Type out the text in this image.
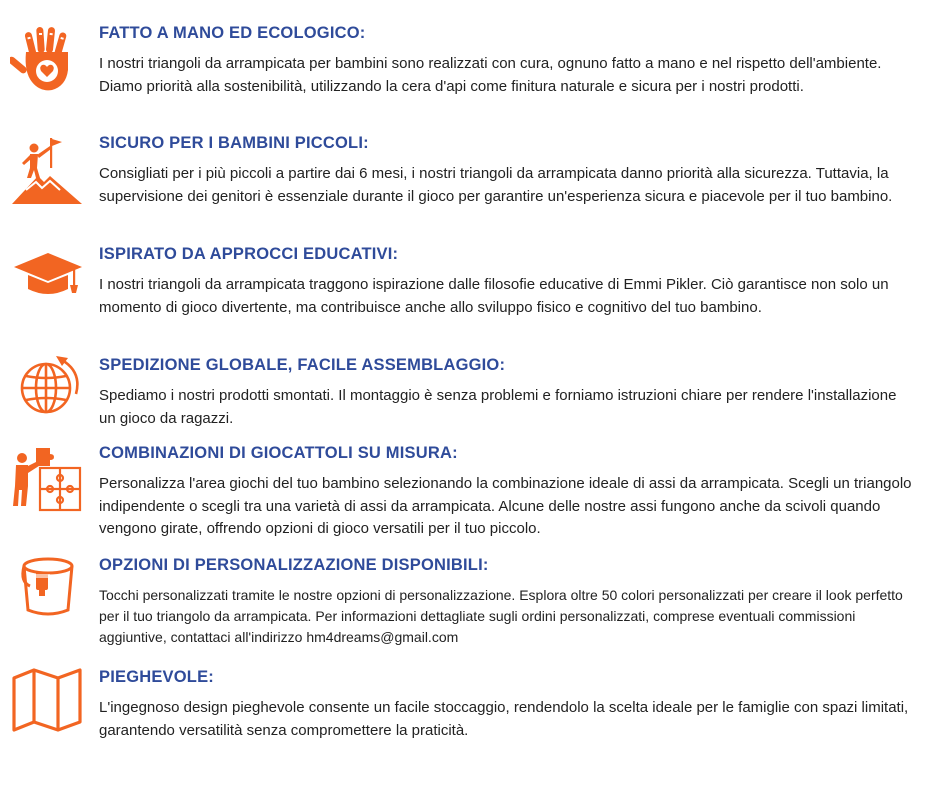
FATTO A MANO ED ECOLOGICO:

I nostri triangoli da arrampicata per bambini sono realizzati con cura, ognuno fatto a mano e nel rispetto dell'ambiente. Diamo priorità alla sostenibilità, utilizzando la cera d'api come finitura naturale e sicura per i nostri prodotti.

SICURO PER I BAMBINI PICCOLI:

Consigliati per i più piccoli a partire dai 6 mesi, i nostri triangoli da arrampicata danno priorità alla sicurezza. Tuttavia, la supervisione dei genitori è essenziale durante il gioco per garantire un'esperienza sicura e piacevole per il tuo bambino.

ISPIRATO DA APPROCCI EDUCATIVI:

I nostri triangoli da arrampicata traggono ispirazione dalle filosofie educative di Emmi Pikler. Ciò garantisce non solo un momento di gioco divertente, ma contribuisce anche allo sviluppo fisico e cognitivo del tuo bambino.

SPEDIZIONE GLOBALE, FACILE ASSEMBLAGGIO:

Spediamo i nostri prodotti smontati. Il montaggio è senza problemi e forniamo istruzioni chiare per rendere l'installazione un gioco da ragazzi.

COMBINAZIONI DI GIOCATTOLI SU MISURA:

Personalizza l'area giochi del tuo bambino selezionando la combinazione ideale di assi da arrampicata. Scegli un triangolo indipendente o scegli tra una varietà di assi da arrampicata. Alcune delle nostre assi fungono anche da scivoli quando vengono girate, offrendo opzioni di gioco versatili per il tuo piccolo.

OPZIONI DI PERSONALIZZAZIONE DISPONIBILI:

Tocchi personalizzati tramite le nostre opzioni di personalizzazione. Esplora oltre 50 colori personalizzati per creare il look perfetto per il tuo triangolo da arrampicata. Per informazioni dettagliate sugli ordini personalizzati, comprese eventuali commissioni aggiuntive, contattaci all'indirizzo hm4dreams@gmail.com

PIEGHEVOLE:

L'ingegnoso design pieghevole consente un facile stoccaggio, rendendolo la scelta ideale per le famiglie con spazi limitati, garantendo versatilità senza compromettere la praticità.
